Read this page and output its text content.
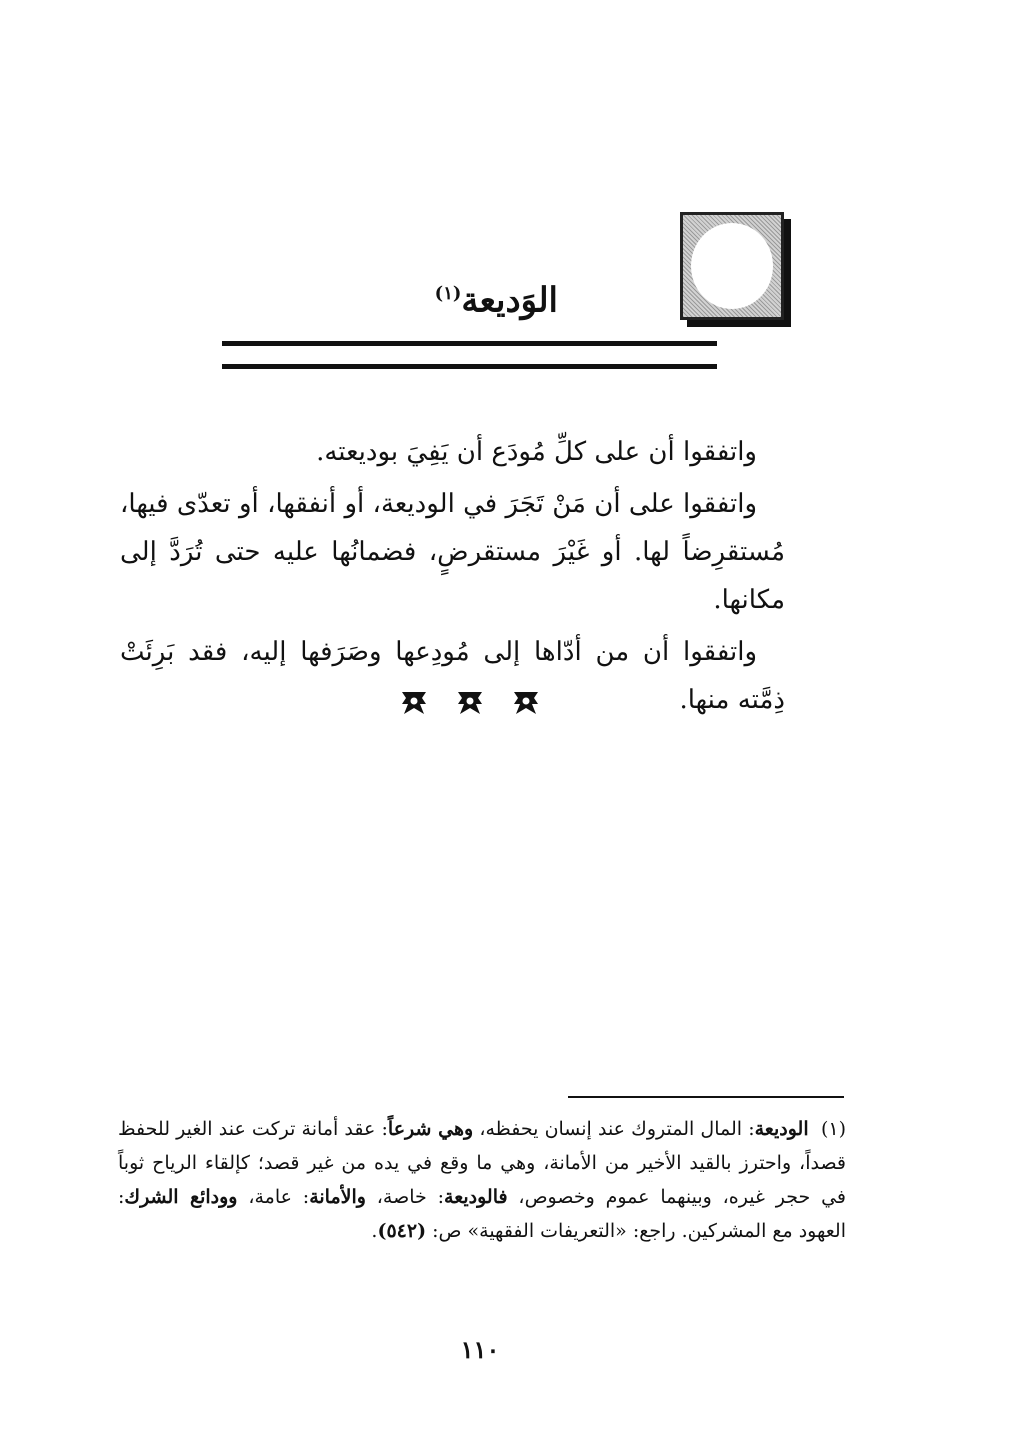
الوَديعة$^{(١)}$

واتفقوا أن على كلِّ مُودَع أن يَفِيَ بوديعته.

واتفقوا على أن مَنْ تَجَرَ في الوديعة، أو أنفقها، أو تعدّى فيها، مُستقرِضاً لها. أو غَيْرَ مستقرضٍ، فضمانُها عليه حتى تُرَدَّ إلى مكانها.

واتفقوا أن من أدّاها إلى مُودِعها وصَرَفها إليه، فقد بَرِئَتْ ذِمَّته منها.

(١)  الوديعة: المال المتروك عند إنسان يحفظه، وهي شرعاً: عقد أمانة تركت عند الغير للحفظ قصداً، واحترز بالقيد الأخير من الأمانة، وهي ما وقع في يده من غير قصد؛ كإلقاء الرياح ثوباً في حجر غيره، وبينهما عموم وخصوص، فالوديعة: خاصة، والأمانة: عامة، وودائع الشرك: العهود مع المشركين. راجع: «التعريفات الفقهية» ص: (٥٤٢).
١١٠
